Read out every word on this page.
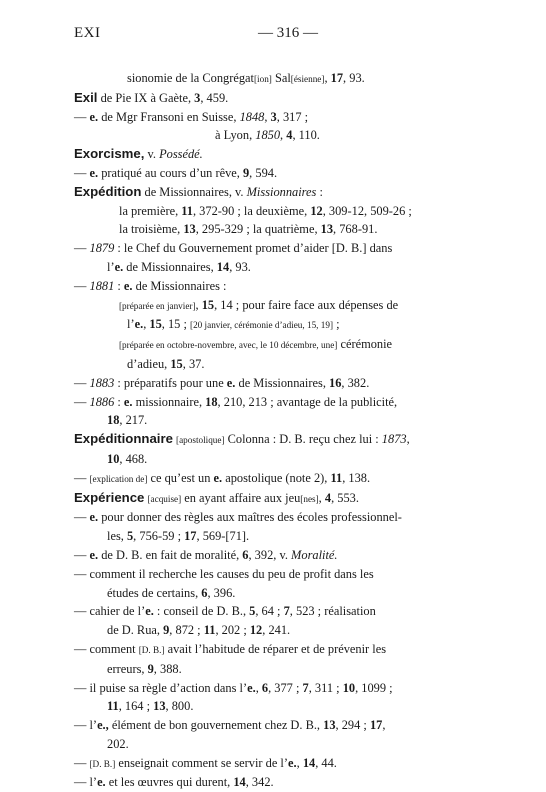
EXI	— 316 —
sionomie de la Congrégat[ion] Sal[ésienne], 17, 93.
Exil de Pie IX à Gaète, 3, 459.
— e. de Mgr Fransoni en Suisse, 1848, 3, 317 ;
à Lyon, 1850, 4, 110.
Exorcisme, v. Possédé.
— e. pratiqué au cours d’un rêve, 9, 594.
Expédition de Missionnaires, v. Missionnaires :
la première, 11, 372-90 ; la deuxième, 12, 309-12, 509-26 ;
la troisième, 13, 295-329 ; la quatrième, 13, 768-91.
— 1879 : le Chef du Gouvernement promet d’aider [D. B.] dans
l’e. de Missionnaires, 14, 93.
— 1881 : e. de Missionnaires :
[préparée en janvier], 15, 14 ; pour faire face aux dépenses de
l’e., 15, 15 ; [20 janvier, cérémonie d’adieu, 15, 19] ;
[préparée en octobre-novembre, avec, le 10 décembre, une] cérémonie
d’adieu, 15, 37.
— 1883 : préparatifs pour une e. de Missionnaires, 16, 382.
— 1886 : e. missionnaire, 18, 210, 213 ; avantage de la publicité,
18, 217.
Expéditionnaire [apostolique] Colonna : D. B. reçu chez lui : 1873,
10, 468.
— [explication de] ce qu’est un e. apostolique (note 2), 11, 138.
Expérience [acquise] en ayant affaire aux jeu[nes], 4, 553.
— e. pour donner des règles aux maîtres des écoles professionnel-
les, 5, 756-59 ; 17, 569-[71].
— e. de D. B. en fait de moralité, 6, 392, v. Moralité.
— comment il recherche les causes du peu de profit dans les
études de certains, 6, 396.
— cahier de l’e. : conseil de D. B., 5, 64 ; 7, 523 ; réalisation
de D. Rua, 9, 872 ; 11, 202 ; 12, 241.
— comment [D. B.] avait l’habitude de réparer et de prévenir les
erreurs, 9, 388.
— il puise sa règle d’action dans l’e., 6, 377 ; 7, 311 ; 10, 1099 ;
11, 164 ; 13, 800.
— l’e., élément de bon gouvernement chez D. B., 13, 294 ; 17,
202.
— [D. B.] enseignait comment se servir de l’e., 14, 44.
— l’e. et les œuvres qui durent, 14, 342.
